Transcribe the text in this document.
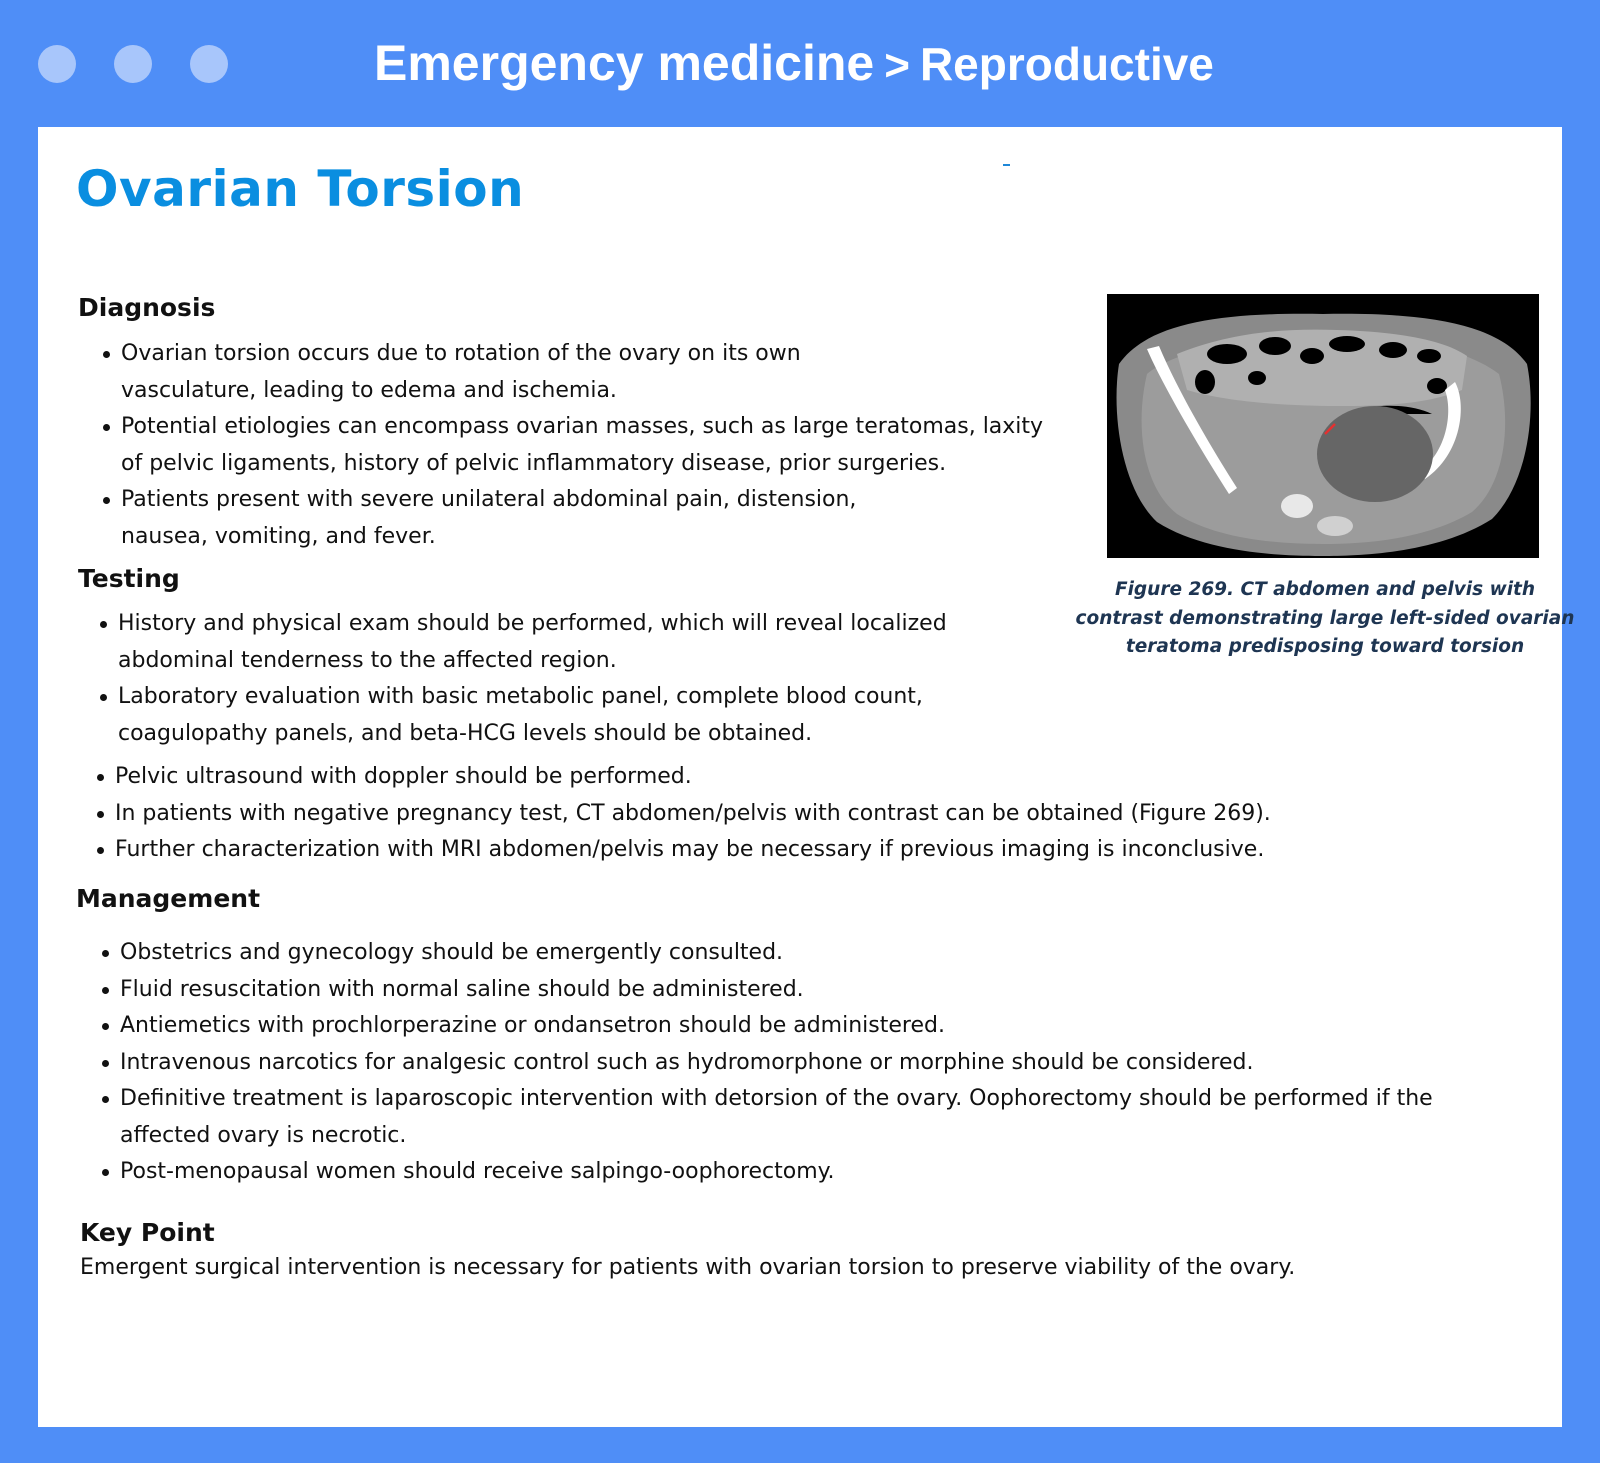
Emergency medicine > Reproductive
Ovarian Torsion
Diagnosis
Ovarian torsion occurs due to rotation of the ovary on its own vasculature, leading to edema and ischemia.
Potential etiologies can encompass ovarian masses, such as large teratomas, laxity of pelvic ligaments, history of pelvic inflammatory disease, prior surgeries.
Patients present with severe unilateral abdominal pain, distension, nausea, vomiting, and fever.
Testing
History and physical exam should be performed, which will reveal localized abdominal tenderness to the affected region.
Laboratory evaluation with basic metabolic panel, complete blood count, coagulopathy panels, and beta-HCG levels should be obtained.
Pelvic ultrasound with doppler should be performed.
In patients with negative pregnancy test, CT abdomen/pelvis with contrast can be obtained (Figure 269).
Further characterization with MRI abdomen/pelvis may be necessary if previous imaging is inconclusive.

Figure 269. CT abdomen and pelvis with contrast demonstrating large left-sided ovarian teratoma predisposing toward torsion

Management
Obstetrics and gynecology should be emergently consulted.
Fluid resuscitation with normal saline should be administered.
Antiemetics with prochlorperazine or ondansetron should be administered.
Intravenous narcotics for analgesic control such as hydromorphone or morphine should be considered.
Definitive treatment is laparoscopic intervention with detorsion of the ovary. Oophorectomy should be performed if the affected ovary is necrotic.
Post-menopausal women should receive salpingo-oophorectomy.
Key Point

Emergent surgical intervention is necessary for patients with ovarian torsion to preserve viability of the ovary.
